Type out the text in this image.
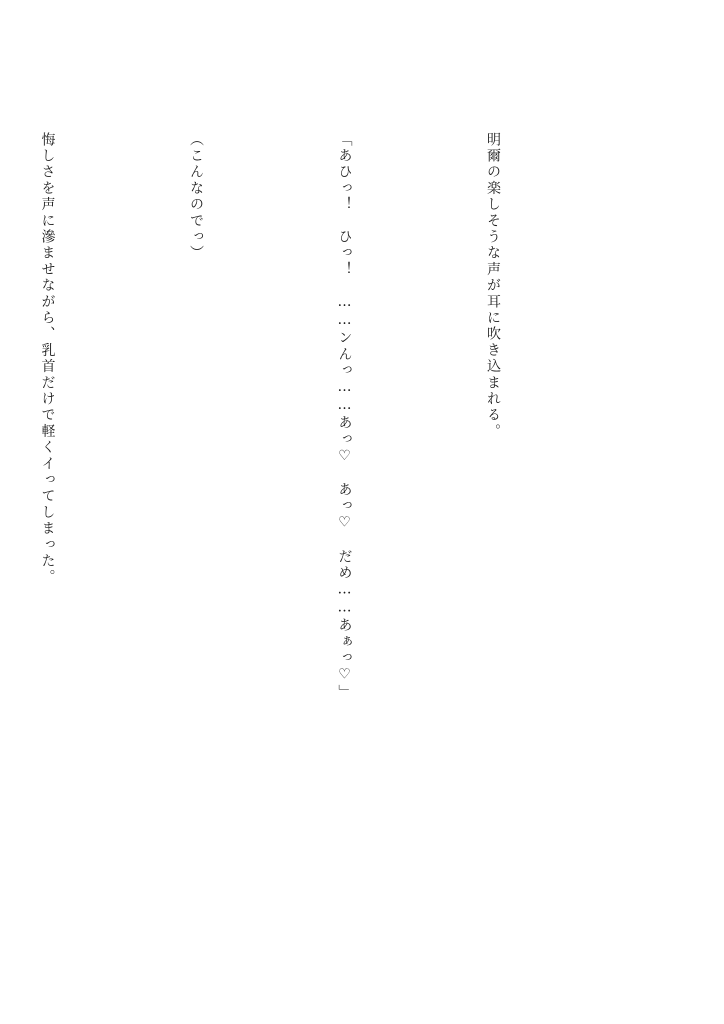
明爾の楽しそうな声が耳に吹き込まれる。

「あひっ！　ひっ！　……ンんっ……あっ♡　あっ♡　だめ……あぁっ♡」

（こんなのでっ）

悔しさを声に滲ませながら、乳首だけで軽くイってしまった。
